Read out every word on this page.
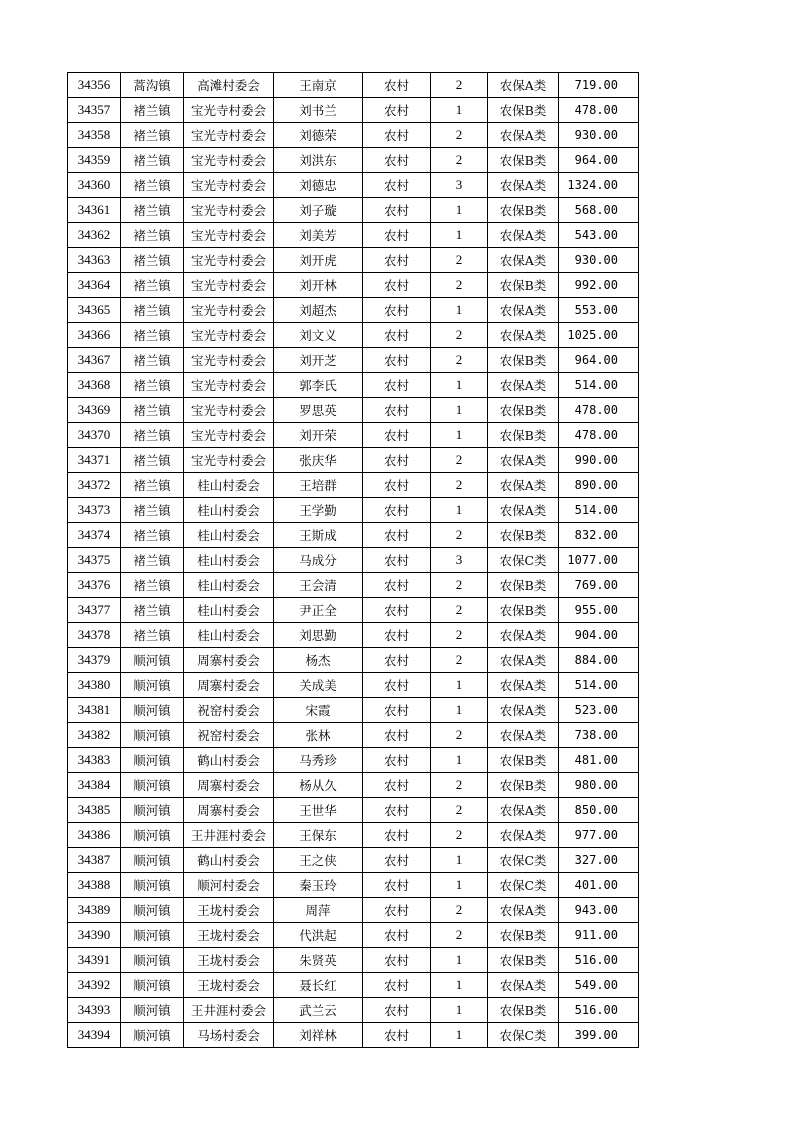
34356	蒿沟镇	高滩村委会	王南京	农村	2	农保A类	719.00
34357	褚兰镇	宝光寺村委会	刘书兰	农村	1	农保B类	478.00
34358	褚兰镇	宝光寺村委会	刘德荣	农村	2	农保A类	930.00
34359	褚兰镇	宝光寺村委会	刘洪东	农村	2	农保B类	964.00
34360	褚兰镇	宝光寺村委会	刘德忠	农村	3	农保A类	1324.00
34361	褚兰镇	宝光寺村委会	刘子璇	农村	1	农保B类	568.00
34362	褚兰镇	宝光寺村委会	刘美芳	农村	1	农保A类	543.00
34363	褚兰镇	宝光寺村委会	刘开虎	农村	2	农保A类	930.00
34364	褚兰镇	宝光寺村委会	刘开林	农村	2	农保B类	992.00
34365	褚兰镇	宝光寺村委会	刘超杰	农村	1	农保A类	553.00
34366	褚兰镇	宝光寺村委会	刘文义	农村	2	农保A类	1025.00
34367	褚兰镇	宝光寺村委会	刘开芝	农村	2	农保B类	964.00
34368	褚兰镇	宝光寺村委会	郭李氏	农村	1	农保A类	514.00
34369	褚兰镇	宝光寺村委会	罗思英	农村	1	农保B类	478.00
34370	褚兰镇	宝光寺村委会	刘开荣	农村	1	农保B类	478.00
34371	褚兰镇	宝光寺村委会	张庆华	农村	2	农保A类	990.00
34372	褚兰镇	桂山村委会	王培群	农村	2	农保A类	890.00
34373	褚兰镇	桂山村委会	王学勤	农村	1	农保A类	514.00
34374	褚兰镇	桂山村委会	王斯成	农村	2	农保B类	832.00
34375	褚兰镇	桂山村委会	马成分	农村	3	农保C类	1077.00
34376	褚兰镇	桂山村委会	王会清	农村	2	农保B类	769.00
34377	褚兰镇	桂山村委会	尹正全	农村	2	农保B类	955.00
34378	褚兰镇	桂山村委会	刘思勤	农村	2	农保A类	904.00
34379	顺河镇	周寨村委会	杨杰	农村	2	农保A类	884.00
34380	顺河镇	周寨村委会	关成美	农村	1	农保A类	514.00
34381	顺河镇	祝窑村委会	宋霞	农村	1	农保A类	523.00
34382	顺河镇	祝窑村委会	张林	农村	2	农保A类	738.00
34383	顺河镇	鹤山村委会	马秀珍	农村	1	农保B类	481.00
34384	顺河镇	周寨村委会	杨从久	农村	2	农保B类	980.00
34385	顺河镇	周寨村委会	王世华	农村	2	农保A类	850.00
34386	顺河镇	王井涯村委会	王保东	农村	2	农保A类	977.00
34387	顺河镇	鹤山村委会	王之侠	农村	1	农保C类	327.00
34388	顺河镇	顺河村委会	秦玉玲	农村	1	农保C类	401.00
34389	顺河镇	王垅村委会	周萍	农村	2	农保A类	943.00
34390	顺河镇	王垅村委会	代洪起	农村	2	农保B类	911.00
34391	顺河镇	王垅村委会	朱贤英	农村	1	农保B类	516.00
34392	顺河镇	王垅村委会	聂长红	农村	1	农保A类	549.00
34393	顺河镇	王井涯村委会	武兰云	农村	1	农保B类	516.00
34394	顺河镇	马场村委会	刘祥林	农村	1	农保C类	399.00
